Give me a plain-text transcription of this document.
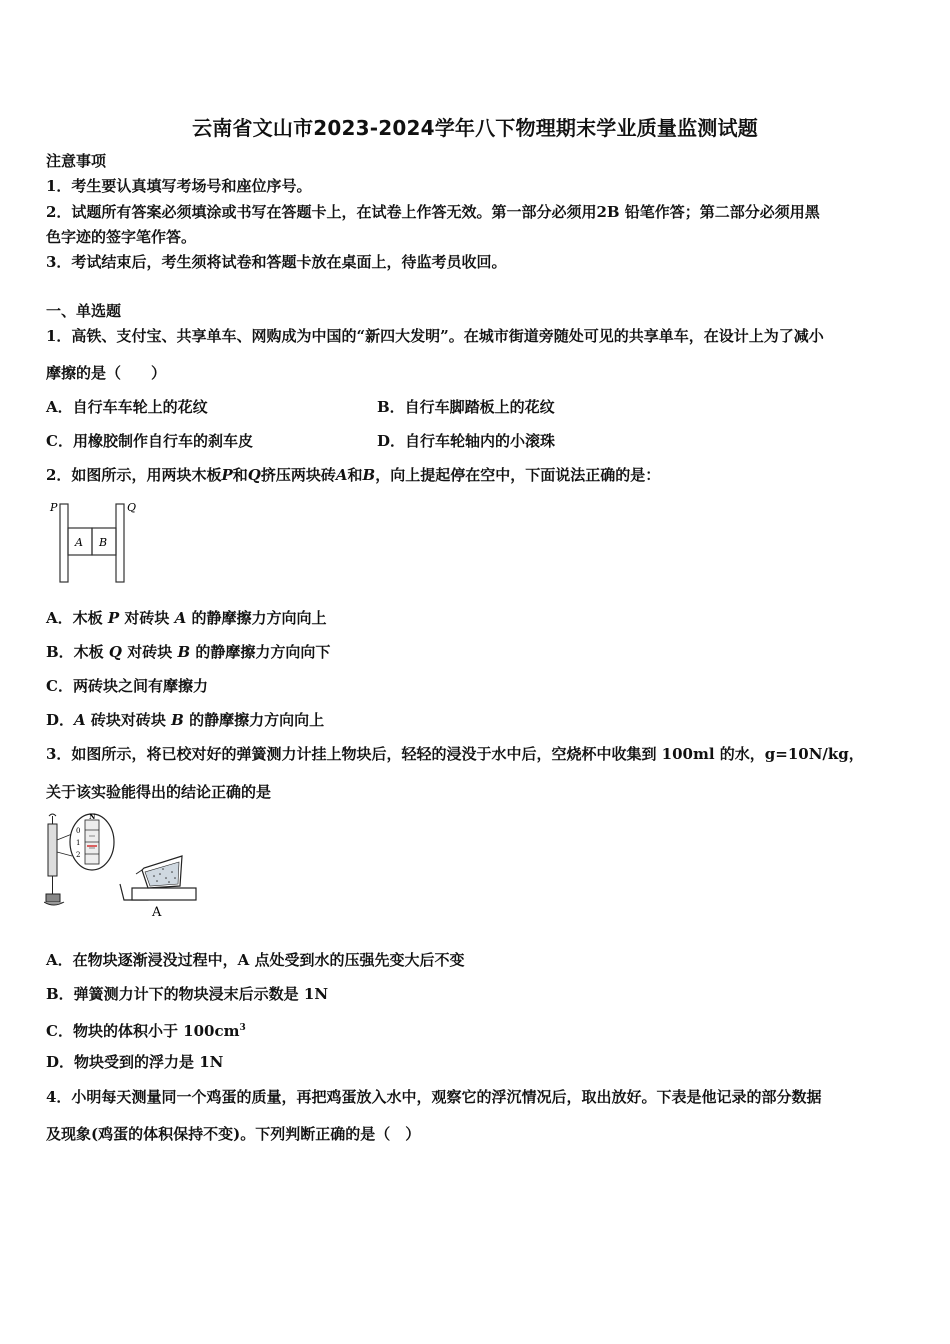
云南省文山市2023-2024学年八下物理期末学业质量监测试题
注意事项
1．考生要认真填写考场号和座位序号。
2．试题所有答案必须填涂或书写在答题卡上，在试卷上作答无效。第一部分必须用2B 铅笔作答；第二部分必须用黑
色字迹的签字笔作答。
3．考试结束后，考生须将试卷和答题卡放在桌面上，待监考员收回。
一、单选题
1．高铁、支付宝、共享单车、网购成为中国的“新四大发明”。在城市街道旁随处可见的共享单车，在设计上为了减小
摩擦的是（　　）
A．自行车车轮上的花纹	B．自行车脚踏板上的花纹
C．用橡胶制作自行车的刹车皮	D．自行车轮轴内的小滚珠
2．如图所示，用两块木板P和Q挤压两块砖A和B，向上提起停在空中，下面说法正确的是：
P	Q
A B
A．木板 P 对砖块 A 的静摩擦力方向向上
B．木板 Q 对砖块 B 的静摩擦力方向向下
C．两砖块之间有摩擦力
D．A 砖块对砖块 B 的静摩擦力方向向上
3．如图所示，将已校对好的弹簧测力计挂上物块后，轻轻的浸没于水中后，空烧杯中收集到 100ml 的水，g=10N/kg，
关于该实验能得出的结论正确的是
N
0
1
2
A
A．在物块逐渐浸没过程中，A 点处受到水的压强先变大后不变
B．弹簧测力计下的物块浸末后示数是 1N
C．物块的体积小于 $100cm^3$
D．物块受到的浮力是 1N
4．小明每天测量同一个鸡蛋的质量，再把鸡蛋放入水中，观察它的浮沉情况后，取出放好。下表是他记录的部分数据
及现象(鸡蛋的体积保持不变)。下列判断正确的是（　）
